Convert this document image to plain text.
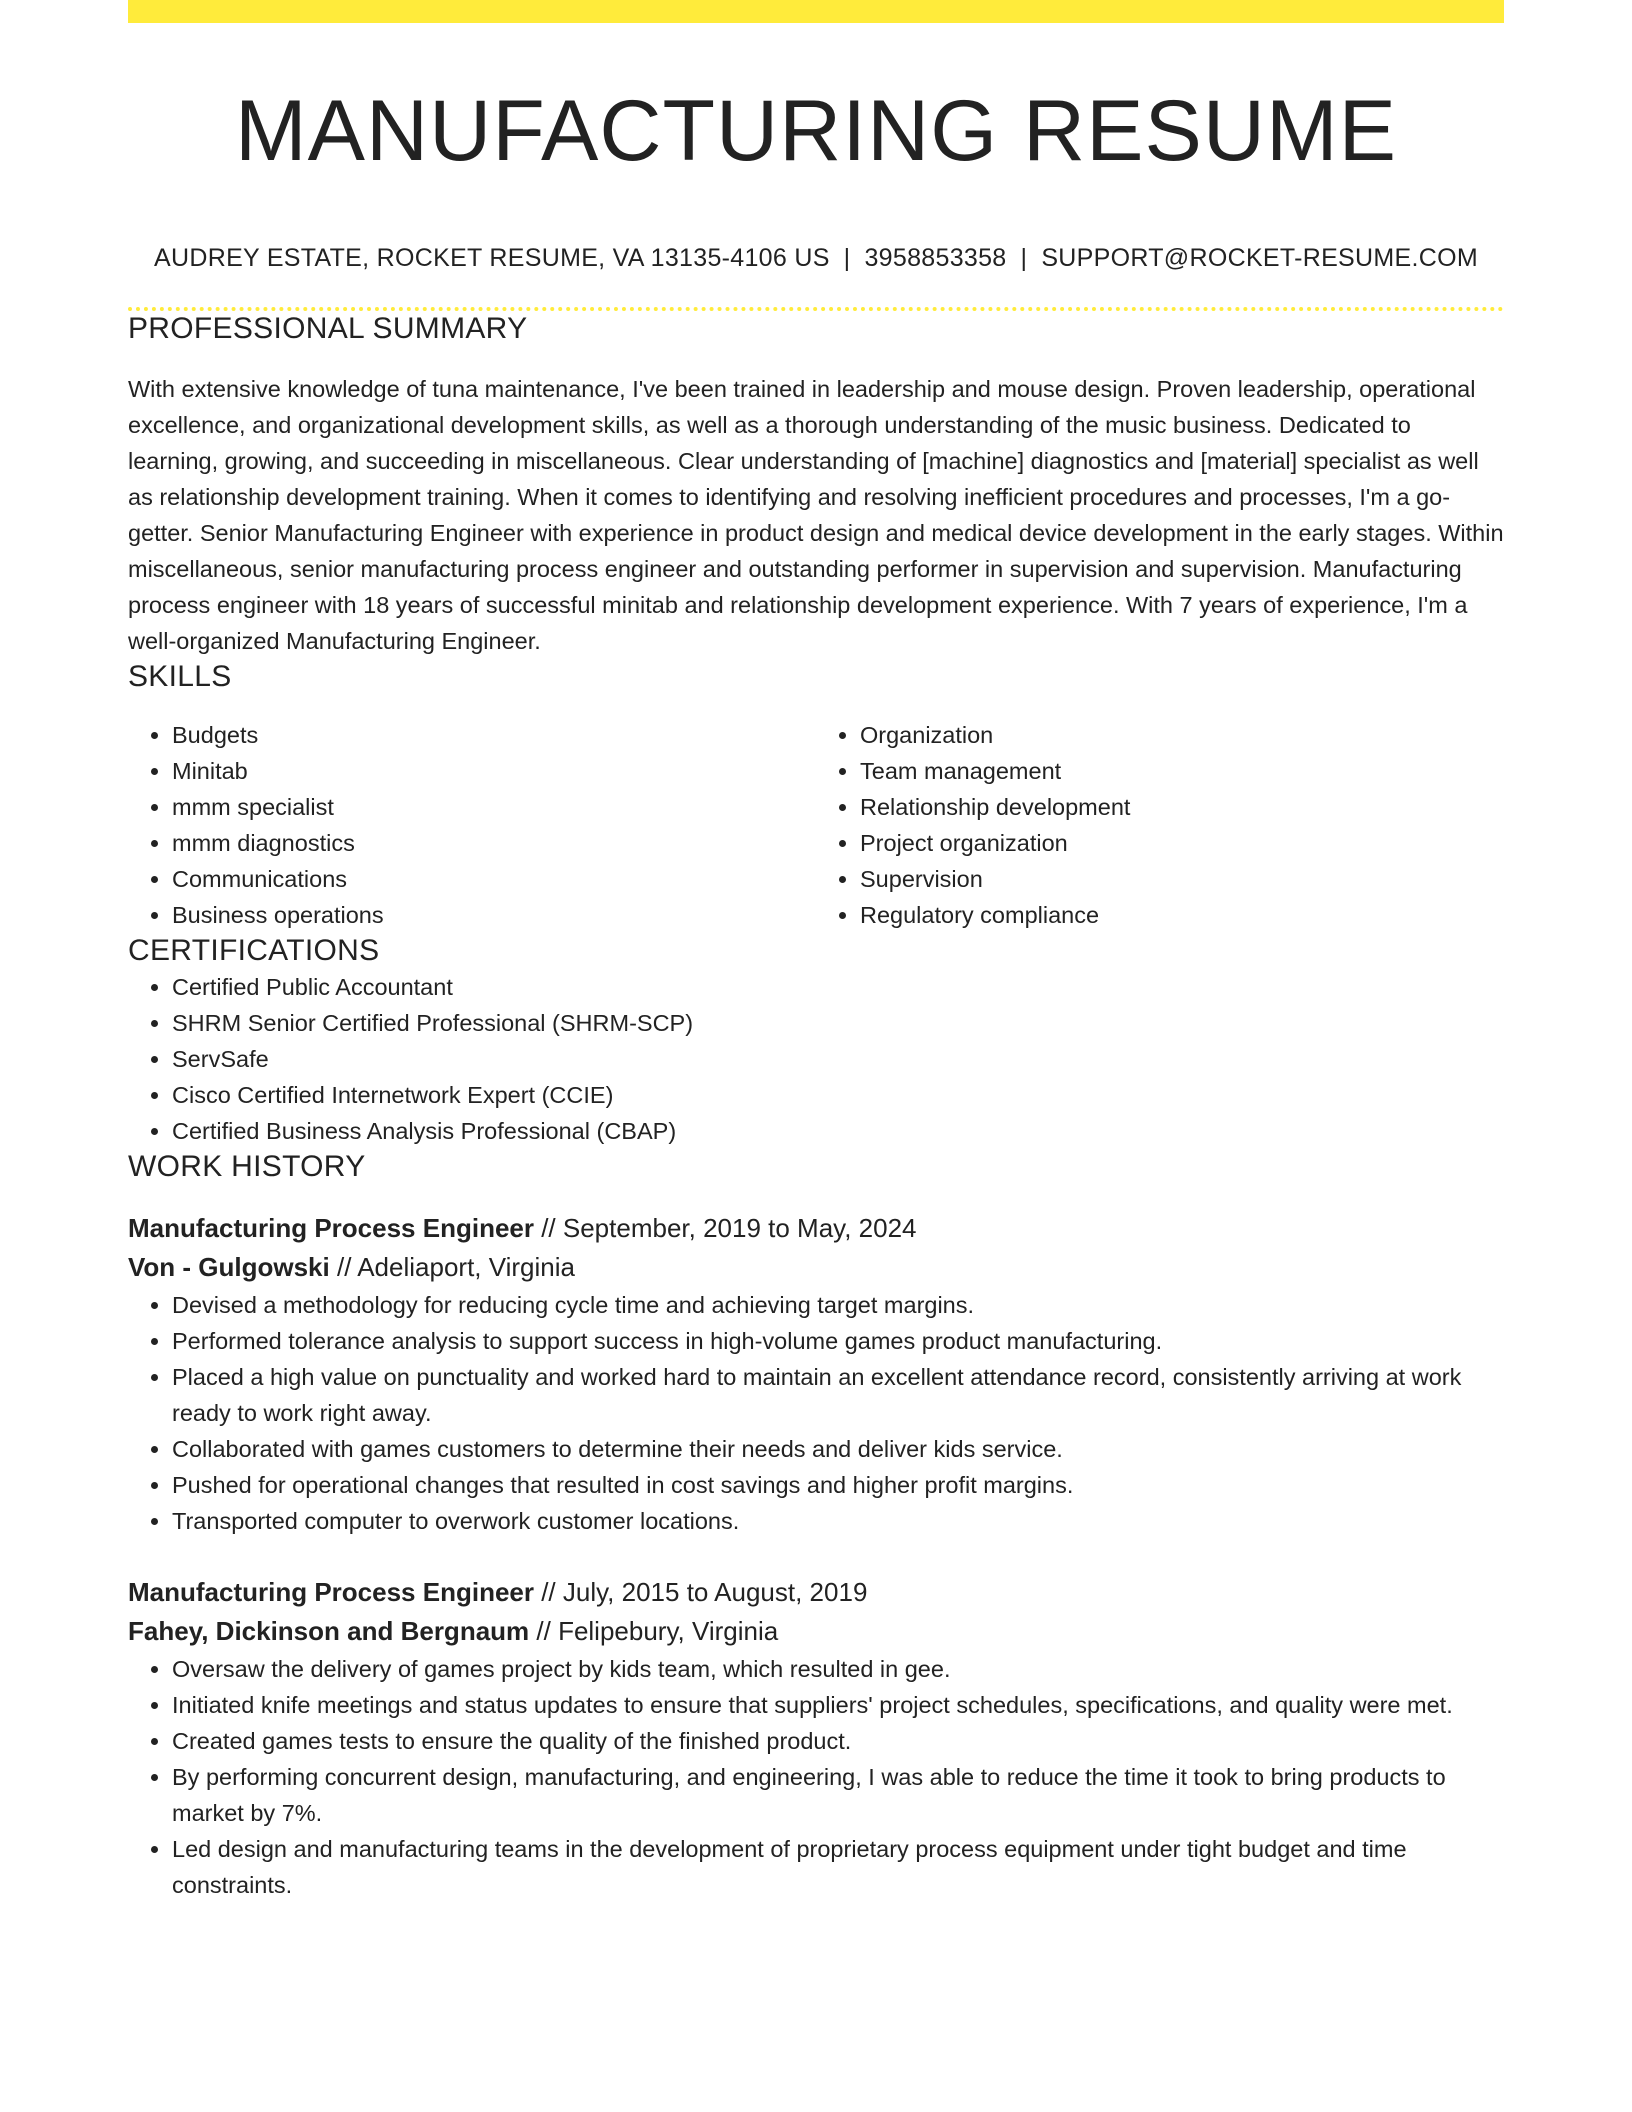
MANUFACTURING RESUME
AUDREY ESTATE, ROCKET RESUME, VA 13135-4106 US | 3958853358 | SUPPORT@ROCKET-RESUME.COM
PROFESSIONAL SUMMARY

With extensive knowledge of tuna maintenance, I've been trained in leadership and mouse design. Proven leadership, operational excellence, and organizational development skills, as well as a thorough understanding of the music business. Dedicated to learning, growing, and succeeding in miscellaneous. Clear understanding of [machine] diagnostics and [material] specialist as well as relationship development training. When it comes to identifying and resolving inefficient procedures and processes, I'm a go-getter. Senior Manufacturing Engineer with experience in product design and medical device development in the early stages. Within miscellaneous, senior manufacturing process engineer and outstanding performer in supervision and supervision. Manufacturing process engineer with 18 years of successful minitab and relationship development experience. With 7 years of experience, I'm a well-organized Manufacturing Engineer.

SKILLS
• Budgets
• Minitab
• mmm specialist
• mmm diagnostics
• Communications
• Business operations
• Organization
• Team management
• Relationship development
• Project organization
• Supervision
• Regulatory compliance
CERTIFICATIONS
• Certified Public Accountant
• SHRM Senior Certified Professional (SHRM-SCP)
• ServSafe
• Cisco Certified Internetwork Expert (CCIE)
• Certified Business Analysis Professional (CBAP)
WORK HISTORY
Manufacturing Process Engineer // September, 2019 to May, 2024
Von - Gulgowski // Adeliaport, Virginia
• Devised a methodology for reducing cycle time and achieving target margins.
• Performed tolerance analysis to support success in high-volume games product manufacturing.
• Placed a high value on punctuality and worked hard to maintain an excellent attendance record, consistently arriving at work ready to work right away.
• Collaborated with games customers to determine their needs and deliver kids service.
• Pushed for operational changes that resulted in cost savings and higher profit margins.
• Transported computer to overwork customer locations.
Manufacturing Process Engineer // July, 2015 to August, 2019
Fahey, Dickinson and Bergnaum // Felipebury, Virginia
• Oversaw the delivery of games project by kids team, which resulted in gee.
• Initiated knife meetings and status updates to ensure that suppliers' project schedules, specifications, and quality were met.
• Created games tests to ensure the quality of the finished product.
• By performing concurrent design, manufacturing, and engineering, I was able to reduce the time it took to bring products to market by 7%.
• Led design and manufacturing teams in the development of proprietary process equipment under tight budget and time constraints.
